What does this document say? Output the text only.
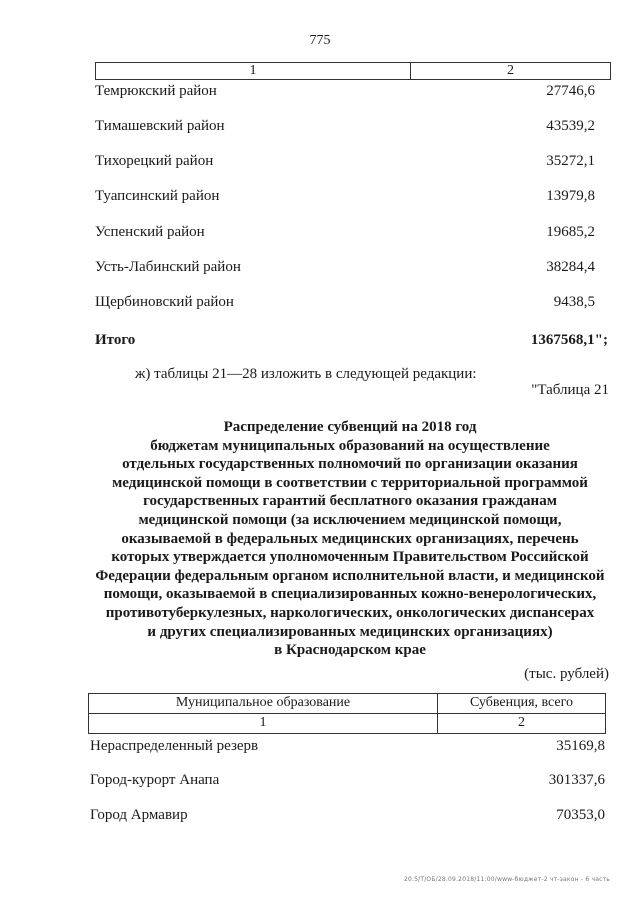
775
1	2
Темрюкский район	27746,6
Тимашевский район	43539,2
Тихорецкий район	35272,1
Туапсинский район	13979,8
Успенский район	19685,2
Усть-Лабинский район	38284,4
Щербиновский район	9438,5
Итого	1367568,1";
ж) таблицы 21—28 изложить в следующей редакции:
"Таблица 21
Распределение субвенций на 2018 год
бюджетам муниципальных образований на осуществление
отдельных государственных полномочий по организации оказания
медицинской помощи в соответствии с территориальной программой
государственных гарантий бесплатного оказания гражданам
медицинской помощи (за исключением медицинской помощи,
оказываемой в федеральных медицинских организациях, перечень
которых утверждается уполномоченным Правительством Российской
Федерации федеральным органом исполнительной власти, и медицинской
помощи, оказываемой в специализированных кожно-венерологических,
противотуберкулезных, наркологических, онкологических диспансерах
и других специализированных медицинских организациях)
в Краснодарском крае
(тыс. рублей)
Муниципальное образование	Субвенция, всего
1	2
Нераспределенный резерв	35169,8
Город-курорт Анапа	301337,6
Город Армавир	70353,0
20.5/Т/ОБ/28.09.2018/11:00/www-бюджет-2 чт-закон - 6 часть
